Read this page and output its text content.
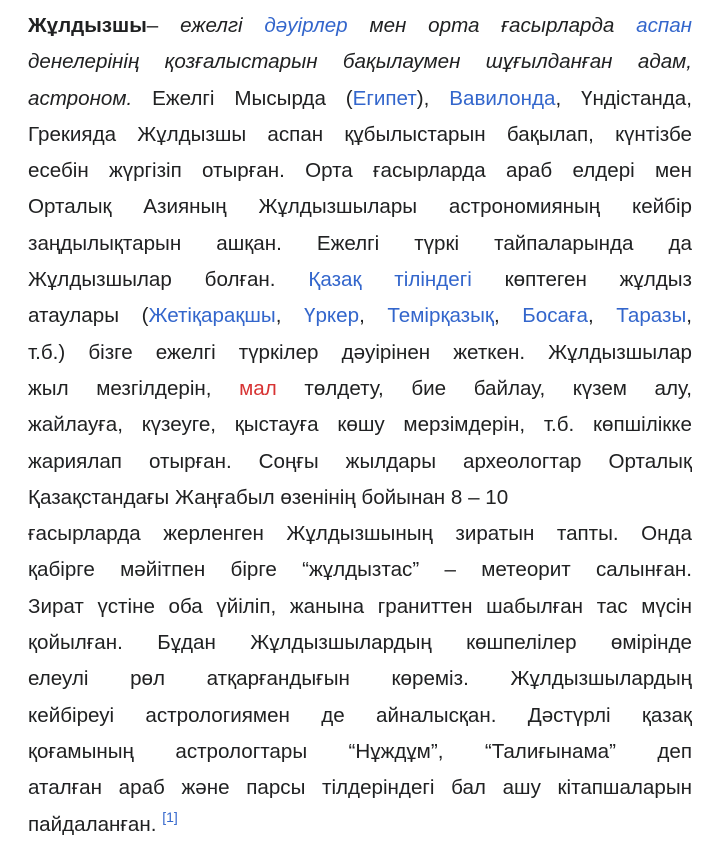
Жұлдызшы– ежелгі дәуірлер мен орта ғасырларда аспан
денелерінің қозғалыстарын бақылаумен шұғылданған адам,
астроном. Ежелгі Мысырда (Египет), Вавилонда, Үндістанда,
Грекияда Жұлдызшы аспан құбылыстарын бақылап, күнтізбе
есебін жүргізіп отырған. Орта ғасырларда араб елдері мен
Орталық Азияның Жұлдызшылары астрономияның кейбір
заңдылықтарын ашқан. Ежелгі түркі тайпаларында да
Жұлдызшылар болған. Қазақ тіліндегі көптеген жұлдыз
атаулары (Жетіқарақшы, Үркер, Темірқазық, Босаға, Таразы,
т.б.) бізге ежелгі түркілер дәуірінен жеткен. Жұлдызшылар
жыл мезгілдерін, мал төлдету, бие байлау, күзем алу,
жайлауға, күзеуге, қыстауға көшу мерзімдерін, т.б. көпшілікке
жариялап отырған. Соңғы жылдары археологтар Орталық
Қазақстандағы Жаңғабыл өзенінің бойынан 8 – 10
ғасырларда жерленген Жұлдызшының зиратын тапты. Онда
қабірге мәйітпен бірге “жұлдызтас” – метеорит салынған.
Зират үстіне оба үйіліп, жанына граниттен шабылған тас мүсін
қойылған. Бұдан Жұлдызшылардың көшпелілер өмірінде
елеулі рөл атқарғандығын көреміз. Жұлдызшылардың
кейбіреуі астрологиямен де айналысқан. Дәстүрлі қазақ
қоғамының астрологтары “Нұждұм”, “Талиғынама” деп
аталған араб және парсы тілдеріндегі бал ашу кітапшаларын
пайдаланған. [1]
